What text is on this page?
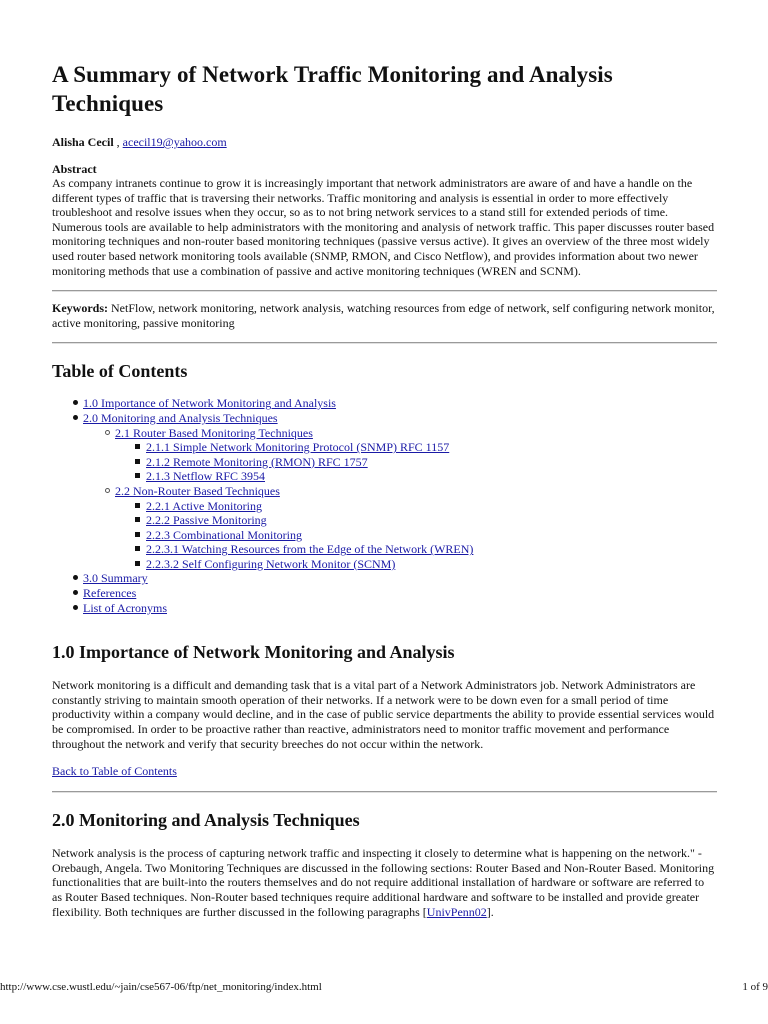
A Summary of Network Traffic Monitoring and Analysis Techniques
Alisha Cecil , acecil19@yahoo.com
Abstract

As company intranets continue to grow it is increasingly important that network administrators are aware of and have a handle on the different types of traffic that is traversing their networks. Traffic monitoring and analysis is essential in order to more effectively troubleshoot and resolve issues when they occur, so as to not bring network services to a stand still for extended periods of time. Numerous tools are available to help administrators with the monitoring and analysis of network traffic. This paper discusses router based monitoring techniques and non-router based monitoring techniques (passive versus active). It gives an overview of the three most widely used router based network monitoring tools available (SNMP, RMON, and Cisco Netflow), and provides information about two newer monitoring methods that use a combination of passive and active monitoring techniques (WREN and SCNM).

Keywords: NetFlow, network monitoring, network analysis, watching resources from edge of network, self configuring network monitor, active monitoring, passive monitoring

Table of Contents
1.0 Importance of Network Monitoring and Analysis
2.0 Monitoring and Analysis Techniques
2.1 Router Based Monitoring Techniques
2.1.1 Simple Network Monitoring Protocol (SNMP) RFC 1157
2.1.2 Remote Monitoring (RMON) RFC 1757
2.1.3 Netflow RFC 3954
2.2 Non-Router Based Techniques
2.2.1 Active Monitoring
2.2.2 Passive Monitoring
2.2.3 Combinational Monitoring
2.2.3.1 Watching Resources from the Edge of the Network (WREN)
2.2.3.2 Self Configuring Network Monitor (SCNM)
3.0 Summary
References
List of Acronyms
1.0 Importance of Network Monitoring and Analysis

Network monitoring is a difficult and demanding task that is a vital part of a Network Administrators job. Network Administrators are constantly striving to maintain smooth operation of their networks. If a network were to be down even for a small period of time productivity within a company would decline, and in the case of public service departments the ability to provide essential services would be compromised. In order to be proactive rather than reactive, administrators need to monitor traffic movement and performance throughout the network and verify that security breeches do not occur within the network.

Back to Table of Contents
2.0 Monitoring and Analysis Techniques

Network analysis is the process of capturing network traffic and inspecting it closely to determine what is happening on the network." -Orebaugh, Angela. Two Monitoring Techniques are discussed in the following sections: Router Based and Non-Router Based. Monitoring functionalities that are built-into the routers themselves and do not require additional installation of hardware or software are referred to as Router Based techniques. Non-Router based techniques require additional hardware and software to be installed and provide greater flexibility. Both techniques are further discussed in the following paragraphs [UnivPenn02].

http://www.cse.wustl.edu/~jain/cse567-06/ftp/net_monitoring/index.html	1 of 9
